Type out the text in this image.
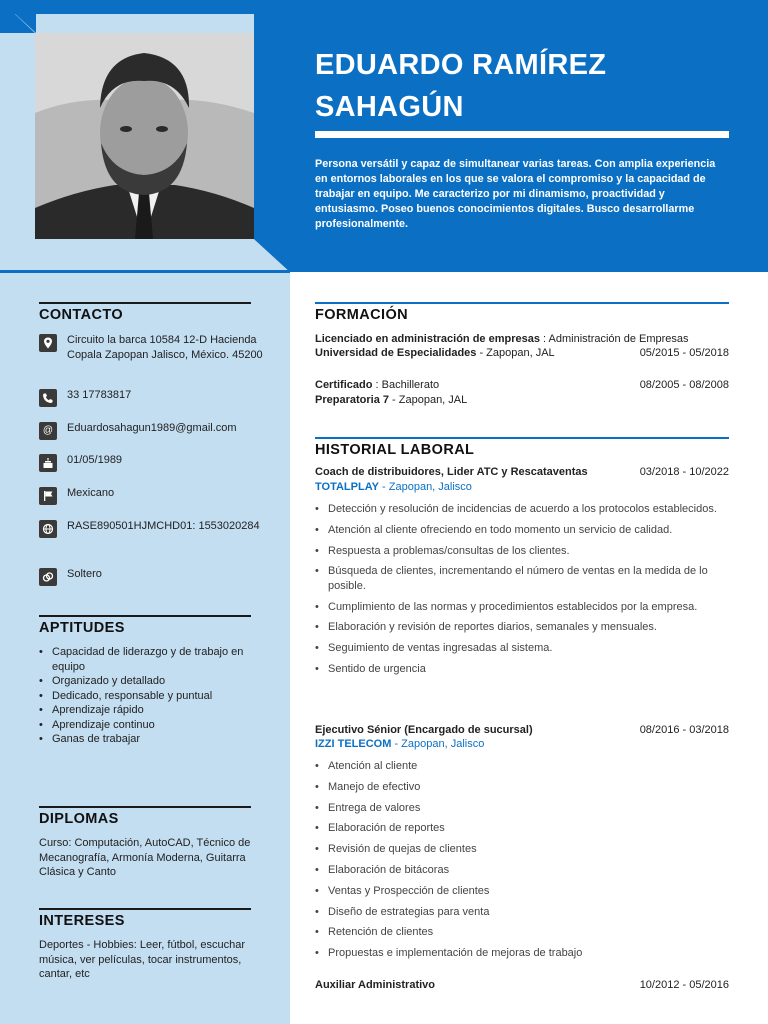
EDUARDO RAMÍREZ
SAHAGÚN
Persona versátil y capaz de simultanear varias tareas. Con amplia experiencia en entornos laborales en los que se valora el compromiso y la capacidad de trabajar en equipo. Me caracterizo por mi dinamismo, proactividad y entusiasmo. Poseo buenos conocimientos digitales. Busco desarrollarme profesionalmente.
CONTACTO
Circuito la barca 10584 12-D Hacienda Copala Zapopan Jalisco, México. 45200
33 17783817
@	Eduardosahagun1989@gmail.com
01/05/1989
Mexicano
RASE890501HJMCHD01: 1553020284
Soltero
APTITUDES
• Capacidad de liderazgo y de trabajo en equipo
• Organizado y detallado
• Dedicado, responsable y puntual
• Aprendizaje rápido
• Aprendizaje continuo
• Ganas de trabajar
DIPLOMAS
Curso: Computación, AutoCAD, Técnico de Mecanografía, Armonía Moderna, Guitarra Clásica y Canto
INTERESES
Deportes - Hobbies: Leer, fútbol, escuchar música, ver películas, tocar instrumentos, cantar, etc
FORMACIÓN
Licenciado en administración de empresas : Administración de Empresas
Universidad de Especialidades - Zapopan, JAL	05/2015 - 05/2018
Certificado : Bachillerato	08/2005 - 08/2008
Preparatoria 7 - Zapopan, JAL
HISTORIAL LABORAL
Coach de distribuidores, Lider ATC y Rescataventas	03/2018 - 10/2022
TOTALPLAY - Zapopan, Jalisco
• Detección y resolución de incidencias de acuerdo a los protocolos establecidos.
• Atención al cliente ofreciendo en todo momento un servicio de calidad.
• Respuesta a problemas/consultas de los clientes.
• Búsqueda de clientes, incrementando el número de ventas en la medida de lo posible.
• Cumplimiento de las normas y procedimientos establecidos por la empresa.
• Elaboración y revisión de reportes diarios, semanales y mensuales.
• Seguimiento de ventas ingresadas al sistema.
• Sentido de urgencia
Ejecutivo Sénior (Encargado de sucursal)	08/2016 - 03/2018
IZZI TELECOM - Zapopan, Jalisco
• Atención al cliente
• Manejo de efectivo
• Entrega de valores
• Elaboración de reportes
• Revisión de quejas de clientes
• Elaboración de bitácoras
• Ventas y Prospección de clientes
• Diseño de estrategias para venta
• Retención de clientes
• Propuestas e implementación de mejoras de trabajo
Auxiliar Administrativo	10/2012 - 05/2016
